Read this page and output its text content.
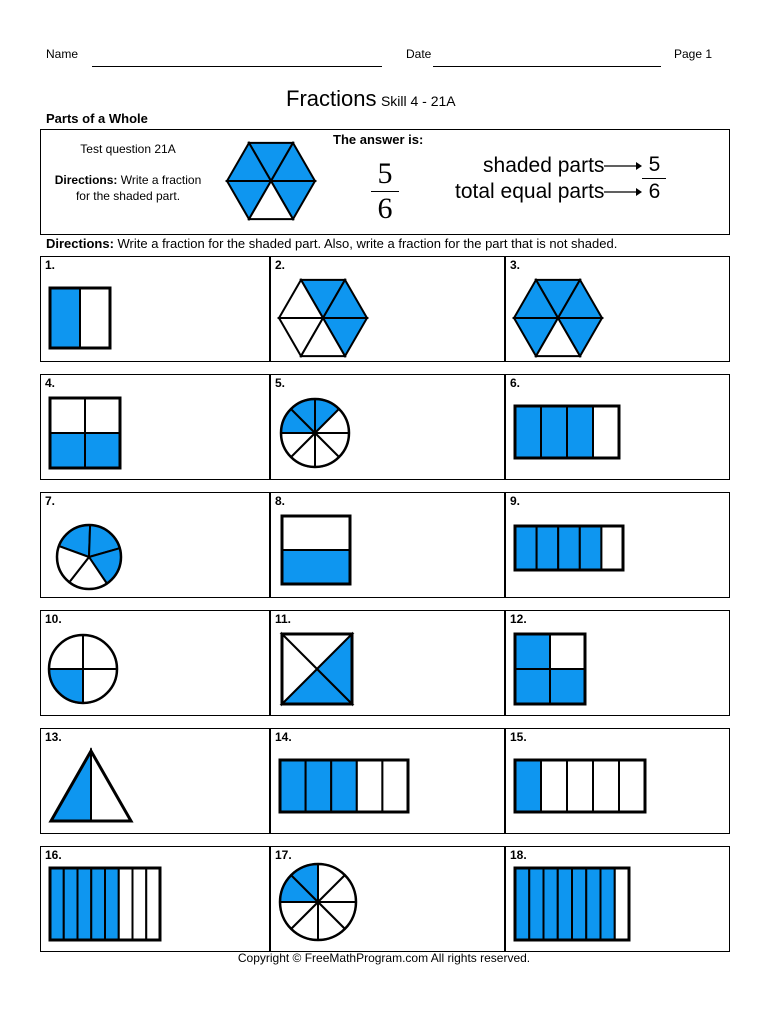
Name	Date	Page 1
Fractions Skill 4 - 21A
Parts of a Whole
Test question 21A
Directions: Write a fraction for the shaded part.
The answer is:
5
6
shaded parts 5
total equal parts 6
Directions: Write a fraction for the shaded part. Also, write a fraction for the part that is not shaded.
1.	2.	3.
4.	5.	6.
7.	8.	9.
10.	11.	12.
13.	14.	15.
16.	17.	18.
Copyright © FreeMathProgram.com All rights reserved.
